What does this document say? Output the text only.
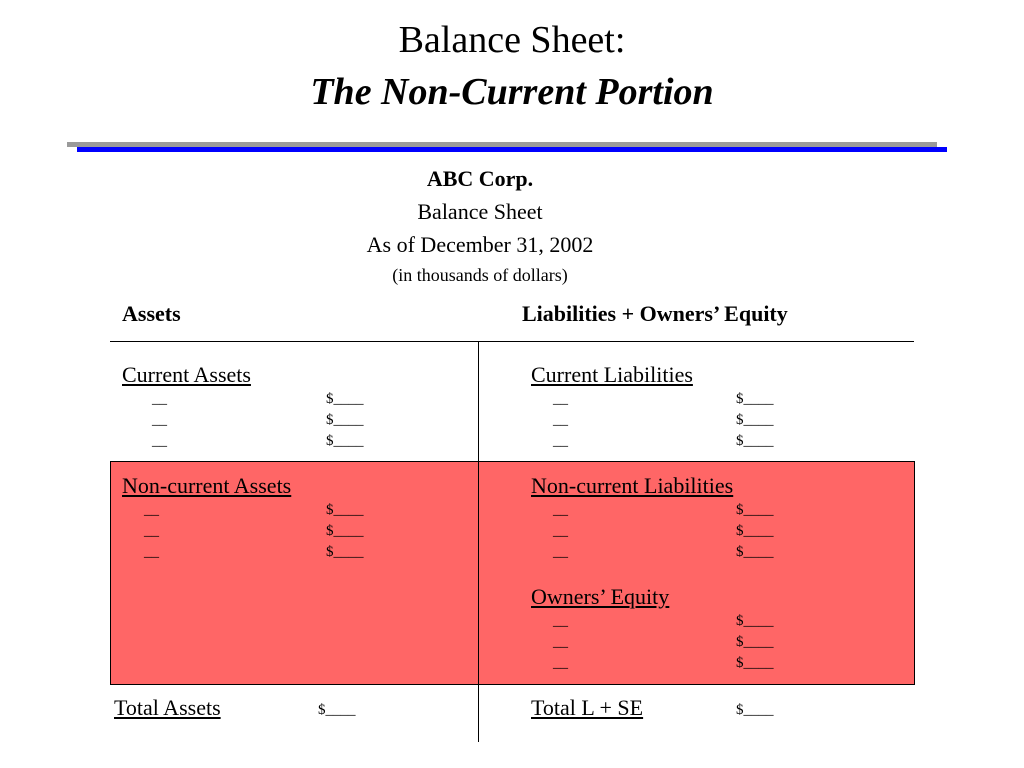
Balance Sheet:
The Non-Current Portion
ABC Corp.
Balance Sheet
As of December 31, 2002
(in thousands of dollars)
Assets	Liabilities + Owners’ Equity
Current Assets
__	$____
__	$____
__	$____
Current Liabilities
__	$____
__	$____
__	$____
Non-current Assets
__	$____
__	$____
__	$____
Non-current Liabilities
__	$____
__	$____
__	$____
Owners’ Equity
__	$____
__	$____
__	$____
Total Assets	$____	Total L + SE	$____
